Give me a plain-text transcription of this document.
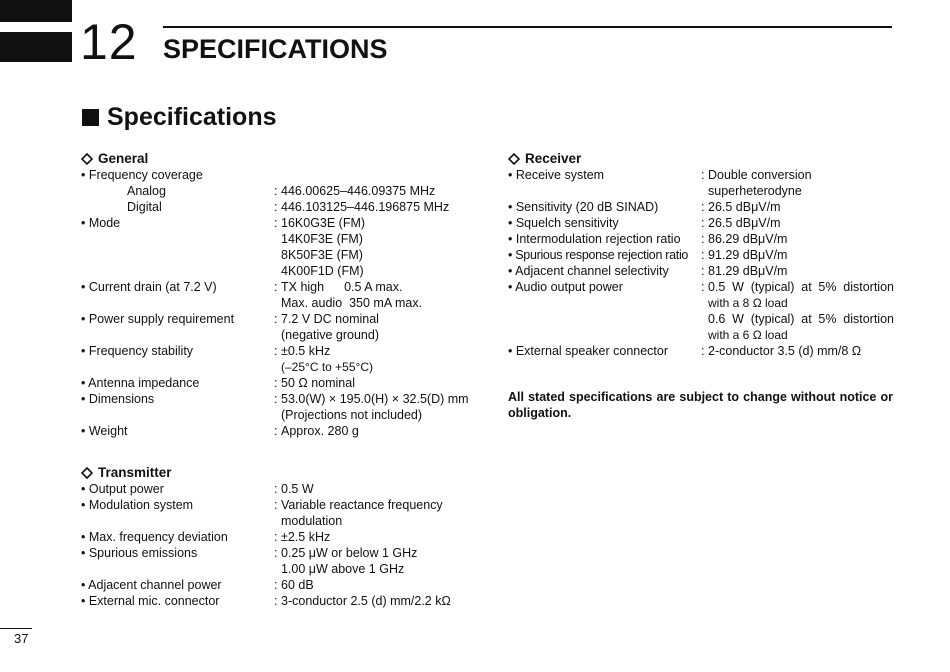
12 SPECIFICATIONS
Specifications
General
• Frequency coverage
Analog	: 446.00625–446.09375 MHz
Digital	: 446.103125–446.196875 MHz
• Mode	: 16K0G3E (FM)
14K0F3E (FM)
8K50F3E (FM)
4K00F1D (FM)
• Current drain (at 7.2 V)	: TX high 0.5 A max.
Max. audio  350 mA max.
• Power supply requirement	: 7.2 V DC nominal
(negative ground)
• Frequency stability	: ±0.5 kHz
(–25°C to +55°C)
• Antenna impedance	: 50 Ω nominal
• Dimensions	: 53.0(W) × 195.0(H) × 32.5(D) mm
(Projections not included)
• Weight	: Approx. 280 g
Transmitter
• Output power	: 0.5 W
• Modulation system	: Variable reactance frequency
modulation
• Max. frequency deviation	: ±2.5 kHz
• Spurious emissions	: 0.25 μW or below 1 GHz
1.00 μW above 1 GHz
• Adjacent channel power	: 60 dB
• External mic. connector	: 3-conductor 2.5 (d) mm/2.2 kΩ
Receiver
• Receive system	: Double conversion
superheterodyne
• Sensitivity (20 dB SINAD)	: 26.5 dBμV/m
• Squelch sensitivity	: 26.5 dBμV/m
• Intermodulation rejection ratio	: 86.29 dBμV/m
• Spurious response rejection ratio	: 91.29 dBμV/m
• Adjacent channel selectivity	: 81.29 dBμV/m
• Audio output power	: 0.5 W (typical) at 5% distortion
with a 8 Ω load
0.6 W (typical) at 5% distortion
with a 6 Ω load
• External speaker connector	: 2-conductor 3.5 (d) mm/8 Ω
All stated specifications are subject to change without notice or obligation.
37
